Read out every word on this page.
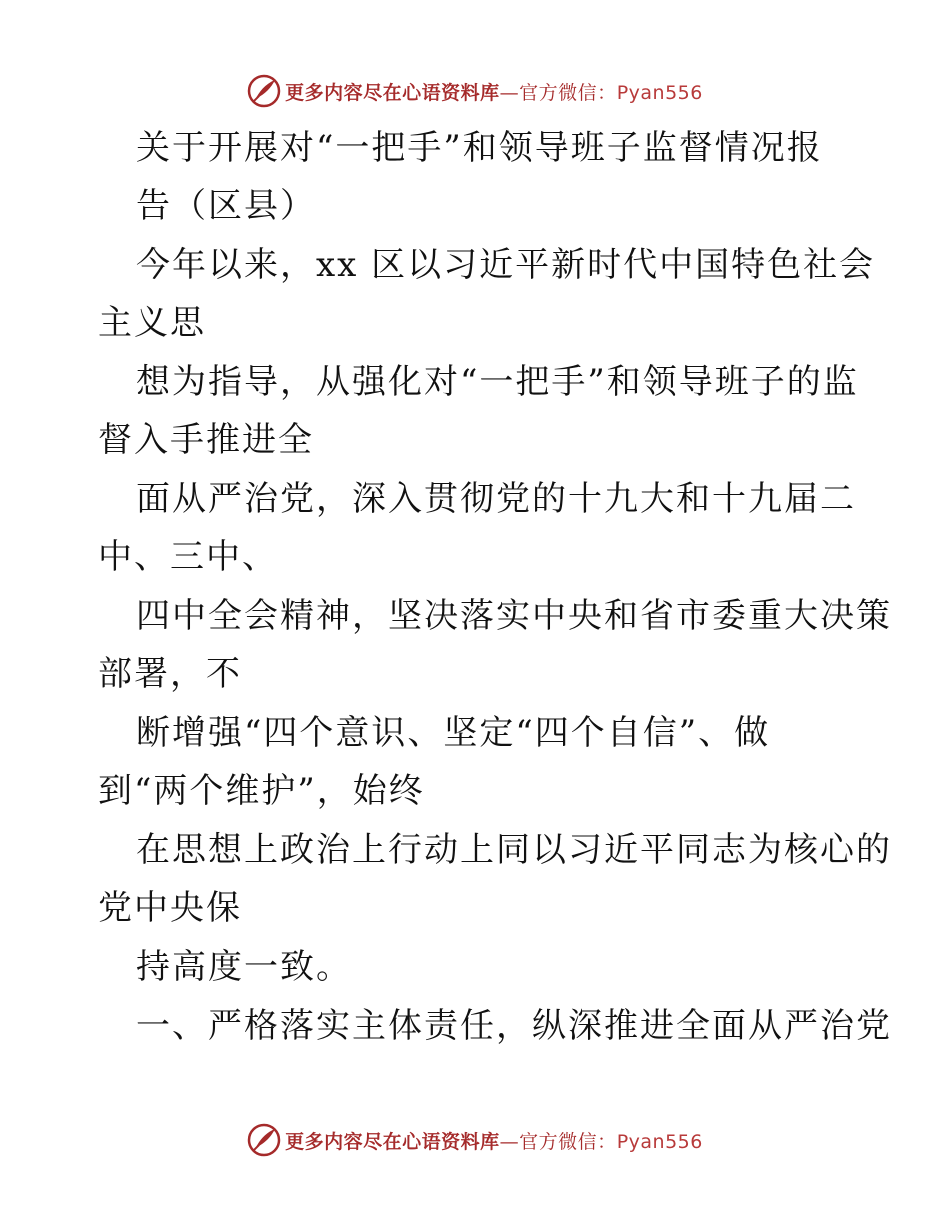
更多内容尽在心语资料库—官方微信：Pyan556
关于开展对“一把手”和领导班子监督情况报
告（区县）
今年以来，xx 区以习近平新时代中国特色社会
主义思
想为指导，从强化对“一把手”和领导班子的监
督入手推进全
面从严治党，深入贯彻党的十九大和十九届二
中、三中、
四中全会精神，坚决落实中央和省市委重大决策
部署，不
断增强“四个意识、坚定“四个自信”、做
到“两个维护”，始终
在思想上政治上行动上同以习近平同志为核心的
党中央保
持高度一致。
一、严格落实主体责任，纵深推进全面从严治党
更多内容尽在心语资料库—官方微信：Pyan556
